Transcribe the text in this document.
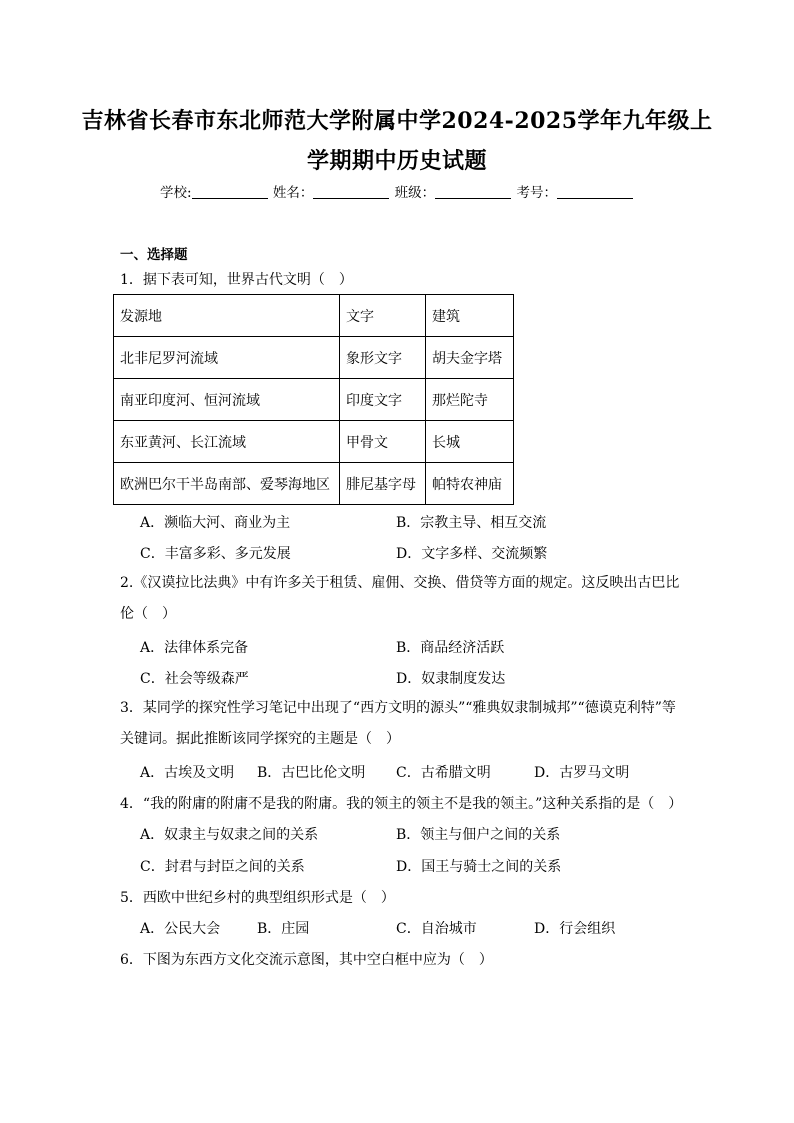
吉林省长春市东北师范大学附属中学2024-2025学年九年级上
学期期中历史试题
学校:	姓名：	班级：	考号：
一、选择题
1．据下表可知，世界古代文明（　）
发源地	文字	建筑
北非尼罗河流域	象形文字	胡夫金字塔
南亚印度河、恒河流域	印度文字	那烂陀寺
东亚黄河、长江流域	甲骨文	长城
欧洲巴尔干半岛南部、爱琴海地区	腓尼基字母	帕特农神庙
A．濒临大河、商业为主	B．宗教主导、相互交流
C．丰富多彩、多元发展	D．文字多样、交流频繁
2.《汉谟拉比法典》中有许多关于租赁、雇佣、交换、借贷等方面的规定。这反映出古巴比伦（　）
A．法律体系完备	B．商品经济活跃
C．社会等级森严	D．奴隶制度发达
3．某同学的探究性学习笔记中出现了“西方文明的源头”“雅典奴隶制城邦”“德谟克利特”等关键词。据此推断该同学探究的主题是（　）
A．古埃及文明 B．古巴比伦文明 C．古希腊文明	D．古罗马文明
4．“我的附庸的附庸不是我的附庸。我的领主的领主不是我的领主。”这种关系指的是（　）
A．奴隶主与奴隶之间的关系	B．领主与佃户之间的关系
C．封君与封臣之间的关系	D．国王与骑士之间的关系
5．西欧中世纪乡村的典型组织形式是（　）
A．公民大会	B．庄园	C．自治城市	D．行会组织
6．下图为东西方文化交流示意图，其中空白框中应为（　）
